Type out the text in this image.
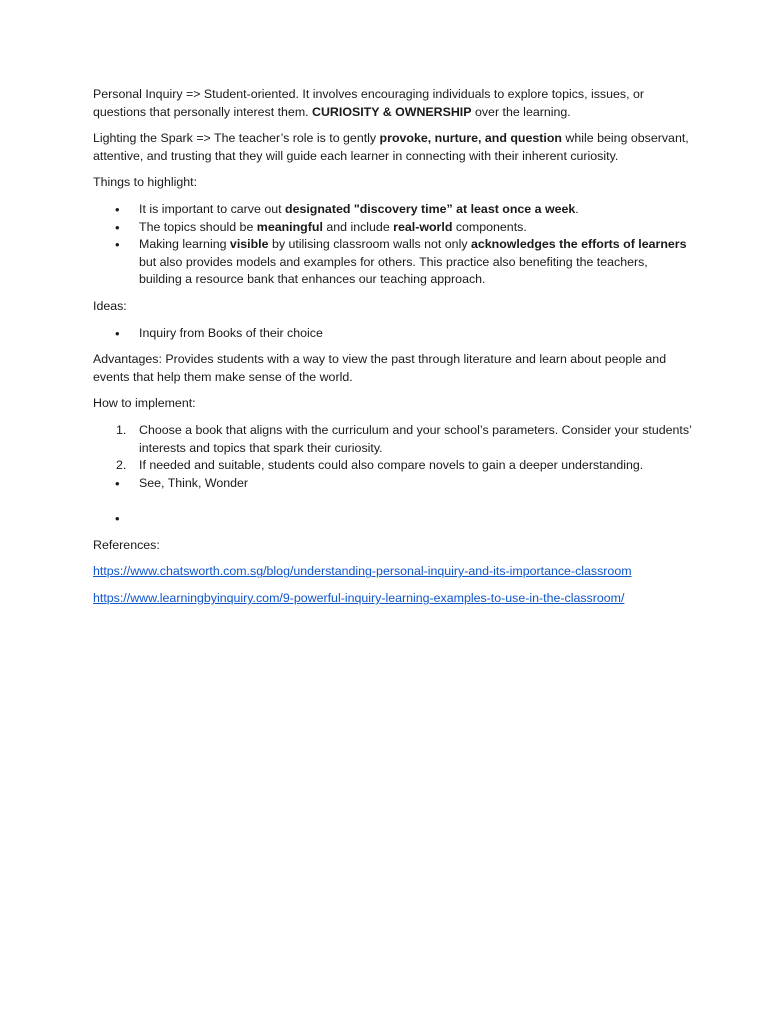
Personal Inquiry => Student-oriented. It involves encouraging individuals to explore topics, issues, or questions that personally interest them. CURIOSITY & OWNERSHIP over the learning.

Lighting the Spark => The teacher’s role is to gently provoke, nurture, and question while being observant, attentive, and trusting that they will guide each learner in connecting with their inherent curiosity.

Things to highlight:

•
It is important to carve out designated "discovery time” at least once a week.
•
The topics should be meaningful and include real-world components.
•
Making learning visible by utilising classroom walls not only acknowledges the efforts of learners but also provides models and examples for others. This practice also benefiting the teachers, building a resource bank that enhances our teaching approach.

Ideas:

•
Inquiry from Books of their choice

Advantages: Provides students with a way to view the past through literature and learn about people and events that help them make sense of the world.

How to implement:

1.	Choose a book that aligns with the curriculum and your school’s parameters. Consider your students’ interests and topics that spark their curiosity.
2.	If needed and suitable, students could also compare novels to gain a deeper understanding.
•
See, Think, Wonder
•

References:

https://www.chatsworth.com.sg/blog/understanding-personal-inquiry-and-its-importance-classroom

https://www.learningbyinquiry.com/9-powerful-inquiry-learning-examples-to-use-in-the-classroom/
